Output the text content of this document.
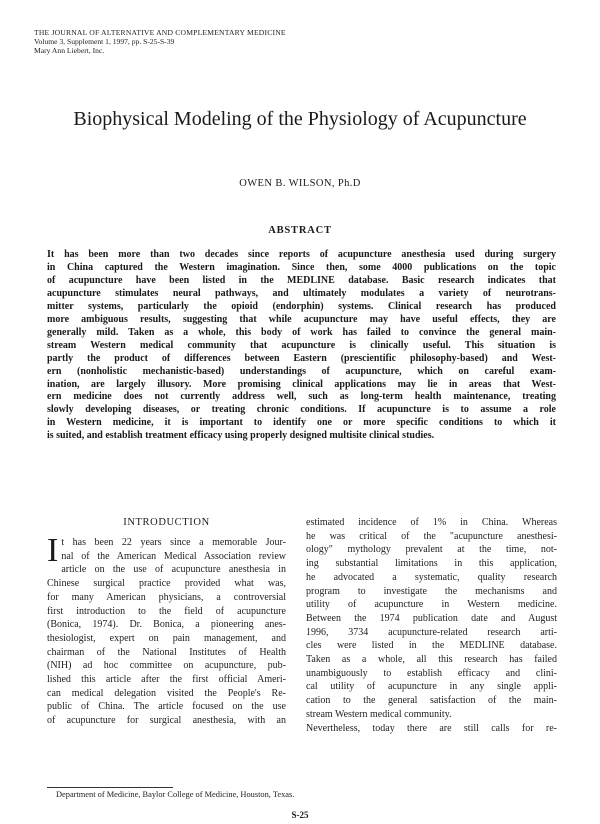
THE JOURNAL OF ALTERNATIVE AND COMPLEMENTARY MEDICINE
Volume 3, Supplement 1, 1997, pp. S-25-S-39
Mary Ann Liebert, Inc.
Biophysical Modeling of the Physiology of Acupuncture
OWEN B. WILSON, Ph.D
ABSTRACT
It has been more than two decades since reports of acupuncture anesthesia used during surgery
in China captured the Western imagination. Since then, some 4000 publications on the topic
of acupuncture have been listed in the MEDLINE database. Basic research indicates that
acupuncture stimulates neural pathways, and ultimately modulates a variety of neurotrans-
mitter systems, particularly the opioid (endorphin) systems. Clinical research has produced
more ambiguous results, suggesting that while acupuncture may have useful effects, they are
generally mild. Taken as a whole, this body of work has failed to convince the general main-
stream Western medical community that acupuncture is clinically useful. This situation is
partly the product of differences between Eastern (prescientific philosophy-based) and West-
ern (nonholistic mechanistic-based) understandings of acupuncture, which on careful exam-
ination, are largely illusory. More promising clinical applications may lie in areas that West-
ern medicine does not currently address well, such as long-term health maintenance, treating
slowly developing diseases, or treating chronic conditions. If acupuncture is to assume a role
in Western medicine, it is important to identify one or more specific conditions to which it
is suited, and establish treatment efficacy using properly designed multisite clinical studies.
INTRODUCTION
I t has been 22 years since a memorable Jour-
nal of the American Medical Association review
article on the use of acupuncture anesthesia in
Chinese surgical practice provided what was,
for many American physicians, a controversial
first introduction to the field of acupuncture
(Bonica, 1974). Dr. Bonica, a pioneering anes-
thesiologist, expert on pain management, and
chairman of the National Institutes of Health
(NIH) ad hoc committee on acupuncture, pub-
lished this article after the first official Ameri-
can medical delegation visited the People's Re-
public of China. The article focused on the use
of acupuncture for surgical anesthesia, with an
estimated incidence of 1% in China. Whereas
he was critical of the "acupuncture anesthesi-
ology" mythology prevalent at the time, not-
ing substantial limitations in this application,
he advocated a systematic, quality research
program to investigate the mechanisms and
utility of acupuncture in Western medicine.
Between the 1974 publication date and August
1996, 3734 acupuncture-related research arti-
cles were listed in the MEDLINE database.
Taken as a whole, all this research has failed
unambiguously to establish efficacy and clini-
cal utility of acupuncture in any single appli-
cation to the general satisfaction of the main-
stream Western medical community.
Nevertheless, today there are still calls for re-
Department of Medicine, Baylor College of Medicine, Houston, Texas.
S-25
